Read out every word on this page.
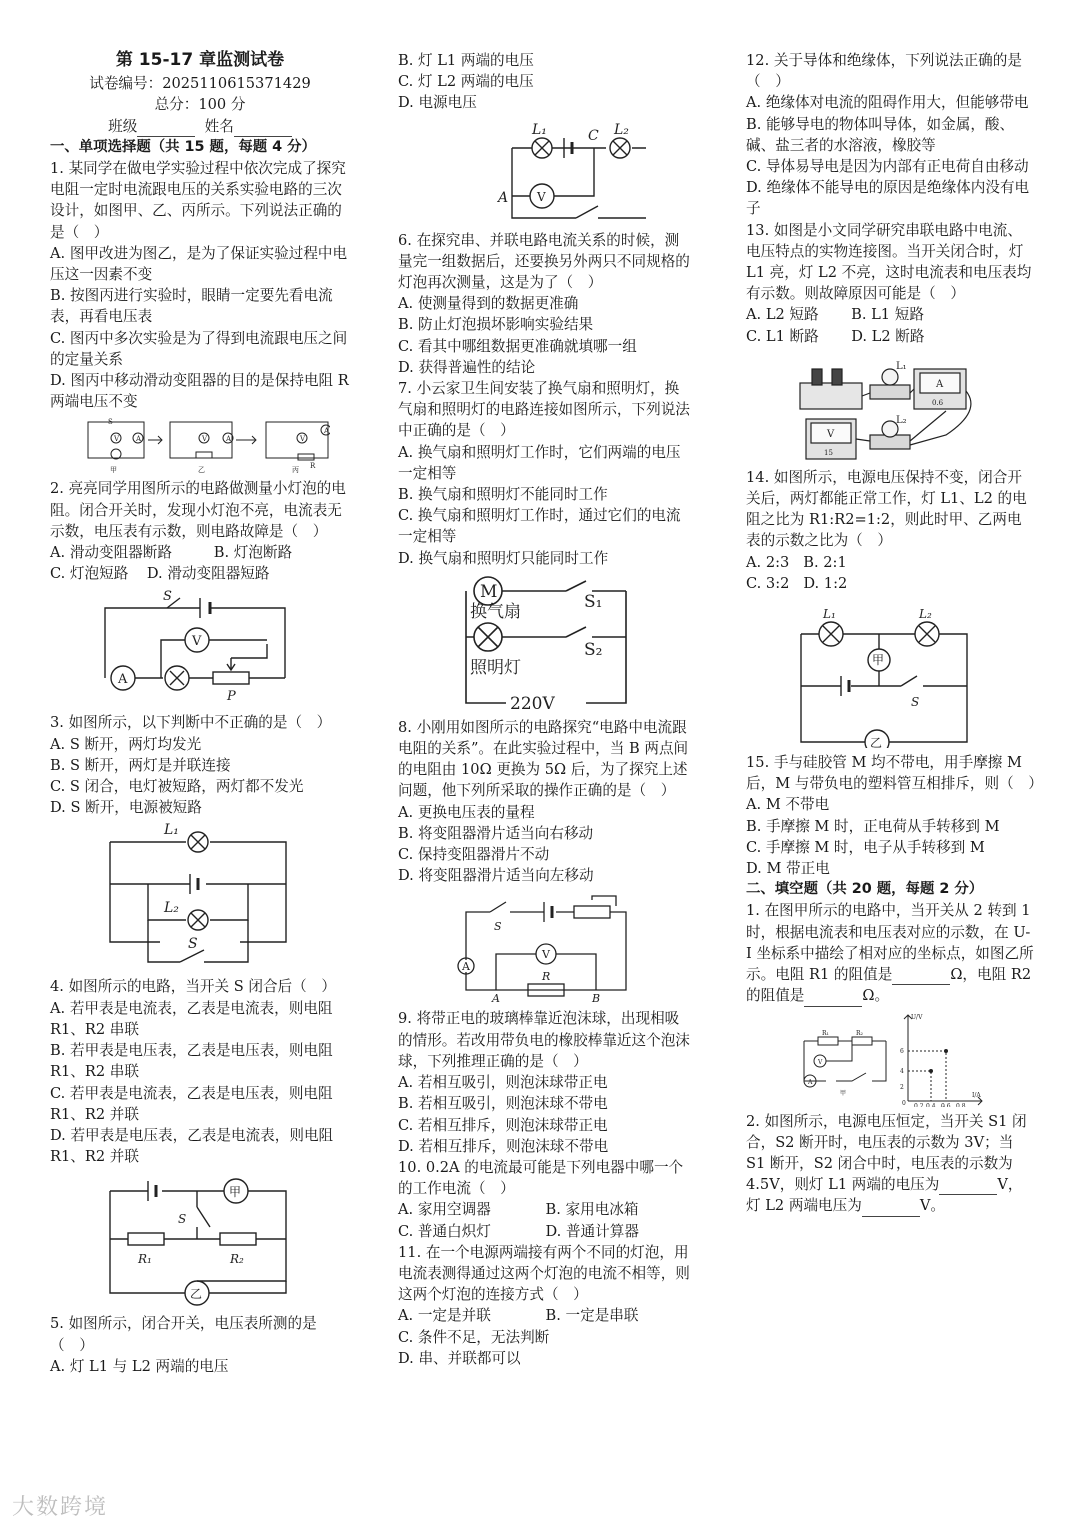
第 15-17 章监测试卷

试卷编号：2025110615371429

总分：100 分

班级	姓名

一、单项选择题（共 15 题，每题 4 分）

1. 某同学在做电学实验过程中依次完成了探究电阻一定时电流跟电压的关系实验电路的三次设计，如图甲、乙、丙所示。下列说法正确的是（　）

A. 图甲改进为图乙，是为了保证实验过程中电压这一因素不变

B. 按图丙进行实验时，眼睛一定要先看电流表，再看电压表

C. 图丙中多次实验是为了得到电流跟电压之间的定量关系

D. 图丙中移动滑动变阻器的目的是保持电阻 R 两端电压不变

S
V A	V	A	V
A
R
甲	乙	丙

2. 亮亮同学用图所示的电路做测量小灯泡的电阻。闭合开关时，发现小灯泡不亮，电流表无示数，电压表有示数，则电路故障是（　）

A. 滑动变阻器断路	B. 灯泡断路

C. 灯泡短路 D. 滑动变阻器短路

A
V
S
P

3. 如图所示，以下判断中不正确的是（　）

A. S 断开，两灯均发光

B. S 断开，两灯是并联连接

C. S 闭合，电灯被短路，两灯都不发光

D. S 断开，电源被短路

L₁
L₂
S

4. 如图所示的电路，当开关 S 闭合后（　）

A. 若甲表是电流表，乙表是电流表，则电阻 R1、R2 串联

B. 若甲表是电压表，乙表是电压表，则电阻 R1、R2 串联

C. 若甲表是电流表，乙表是电压表，则电阻 R1、R2 并联

D. 若甲表是电压表，乙表是电流表，则电阻 R1、R2 并联

甲
乙
S
R₁	R₂

5. 如图所示，闭合开关，电压表所测的是（　）

A. 灯 L1 与 L2 两端的电压

B. 灯 L1 两端的电压

C. 灯 L2 两端的电压

D. 电源电压

L₁	L₂
A
C
V

6. 在探究串、并联电路电流关系的时候，测量完一组数据后，还要换另外两只不同规格的灯泡再次测量，这是为了（　）

A. 使测量得到的数据更准确

B. 防止灯泡损坏影响实验结果

C. 看其中哪组数据更准确就填哪一组

D. 获得普遍性的结论

7. 小云家卫生间安装了换气扇和照明灯，换气扇和照明灯的电路连接如图所示，下列说法中正确的是（　）

A. 换气扇和照明灯工作时，它们两端的电压一定相等

B. 换气扇和照明灯不能同时工作

C. 换气扇和照明灯工作时，通过它们的电流一定相等

D. 换气扇和照明灯只能同时工作

M
换气扇
照明灯
S₁
S₂
220V

8. 小刚用如图所示的电路探究“电路中电流跟电阻的关系”。在此实验过程中，当 B 两点间的电阻由 10Ω 更换为 5Ω 后，为了探究上述问题，他下列所采取的操作正确的是（　）

A. 更换电压表的量程

B. 将变阻器滑片适当向右移动

C. 保持变阻器滑片不动

D. 将变阻器滑片适当向左移动

S
A
V
R
A	B

9. 将带正电的玻璃棒靠近泡沫球，出现相吸的情形。若改用带负电的橡胶棒靠近这个泡沫球，下列推理正确的是（　）

A. 若相互吸引，则泡沫球带正电

B. 若相互吸引，则泡沫球不带电

C. 若相互排斥，则泡沫球带正电

D. 若相互排斥，则泡沫球不带电

10. 0.2A 的电流最可能是下列电器中哪一个的工作电流（　）

A. 家用空调器	B. 家用电冰箱

C. 普通白炽灯	D. 普通计算器

11. 在一个电源两端接有两个不同的灯泡，用电流表测得通过这两个灯泡的电流不相等，则这两个灯泡的连接方式（　）

A. 一定是并联	B. 一定是串联

C. 条件不足，无法判断

D. 串、并联都可以

12. 关于导体和绝缘体，下列说法正确的是（　）

A. 绝缘体对电流的阻碍作用大，但能够带电

B. 能够导电的物体叫导体，如金属，酸、碱、盐三者的水溶液，橡胶等

C. 导体易导电是因为内部有正电荷自由移动

D. 绝缘体不能导电的原因是绝缘体内没有电子

13. 如图是小文同学研究串联电路中电流、电压特点的实物连接图。当开关闭合时，灯 L1 亮，灯 L2 不亮，这时电流表和电压表均有示数。则故障原因可能是（　）

A. L2 短路 B. L1 短路

C. L1 断路 D. L2 断路

L₁
L₂
A
V
0.6
15

14. 如图所示，电源电压保持不变，闭合开关后，两灯都能正常工作，灯 L1、L2 的电阻之比为 R1:R2=1:2，则此时甲、乙两电表的示数之比为（　）

A. 2:3 B. 2:1

C. 3:2 D. 1:2

L₁	L₂
甲
乙
S

15. 手与硅胶管 M 均不带电，用手摩擦 M 后，M 与带负电的塑料管互相排斥，则（　）

A. M 不带电

B. 手摩擦 M 时，正电荷从手转移到 M

C. 手摩擦 M 时，电子从手转移到 M

D. M 带正电

二、填空题（共 20 题，每题 2 分）

1. 在图甲所示的电路中，当开关从 2 转到 1 时，根据电流表和电压表对应的示数，在 U-I 坐标系中描绘了相对应的坐标点，如图乙所示。电阻 R1 的阻值是	Ω，电阻 R2 的阻值是	Ω。

R₁	R₂
V
A
甲
U/V
I/A
6
4
2
0 0.2 0.4 0.6 0.8

2. 如图所示，电源电压恒定，当开关 S1 闭合，S2 断开时，电压表的示数为 3V；当 S1 断开，S2 闭合中时，电压表的示数为 4.5V，则灯 L1 两端的电压为	V，灯 L2 两端电压为	V。

大数跨境
